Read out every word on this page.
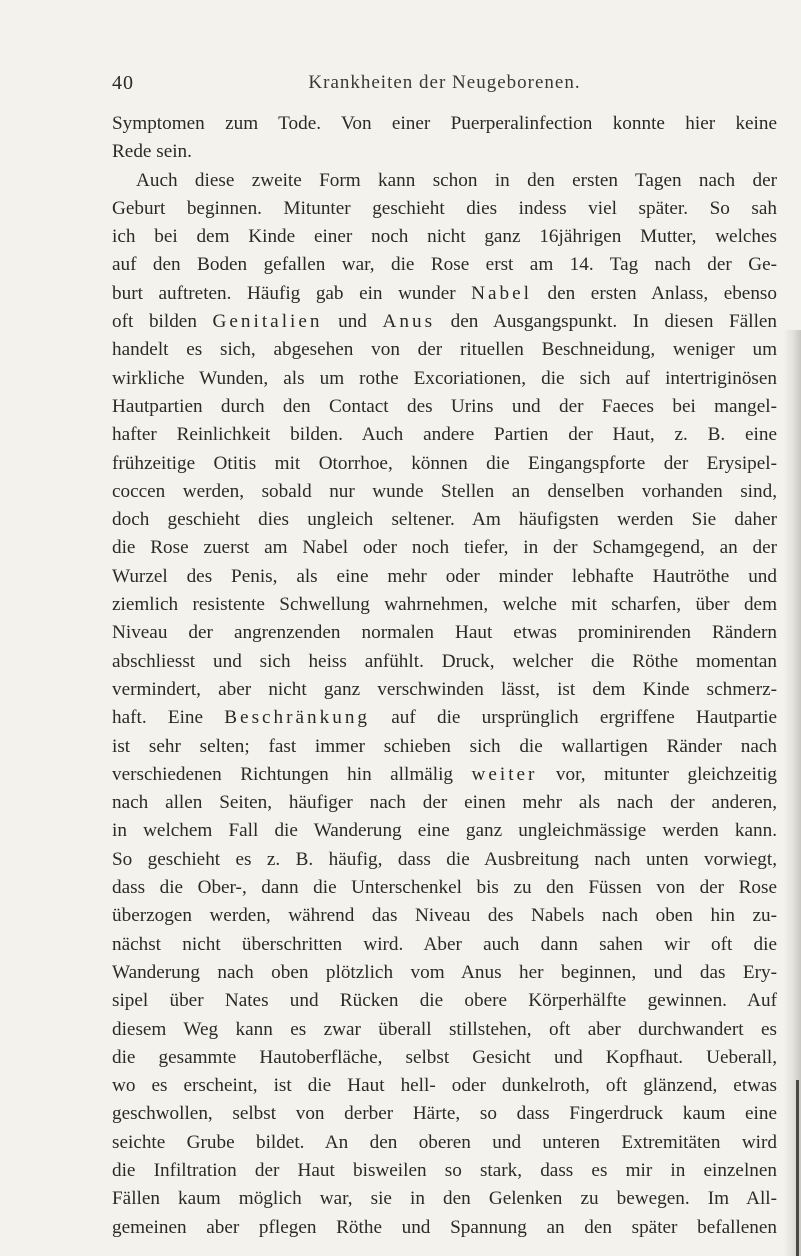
40	Krankheiten der Neugeborenen.
Symptomen zum Tode. Von einer Puerperalinfection konnte hier keine
Rede sein.
Auch diese zweite Form kann schon in den ersten Tagen nach der
Geburt beginnen. Mitunter geschieht dies indess viel später. So sah
ich bei dem Kinde einer noch nicht ganz 16jährigen Mutter, welches
auf den Boden gefallen war, die Rose erst am 14. Tag nach der Ge-
burt auftreten. Häufig gab ein wunder Nabel den ersten Anlass, ebenso
oft bilden Genitalien und Anus den Ausgangspunkt. In diesen Fällen
handelt es sich, abgesehen von der rituellen Beschneidung, weniger um
wirkliche Wunden, als um rothe Excoriationen, die sich auf intertriginösen
Hautpartien durch den Contact des Urins und der Faeces bei mangel-
hafter Reinlichkeit bilden. Auch andere Partien der Haut, z. B. eine
frühzeitige Otitis mit Otorrhoe, können die Eingangspforte der Erysipel-
coccen werden, sobald nur wunde Stellen an denselben vorhanden sind,
doch geschieht dies ungleich seltener. Am häufigsten werden Sie daher
die Rose zuerst am Nabel oder noch tiefer, in der Schamgegend, an der
Wurzel des Penis, als eine mehr oder minder lebhafte Hautröthe und
ziemlich resistente Schwellung wahrnehmen, welche mit scharfen, über dem
Niveau der angrenzenden normalen Haut etwas prominirenden Rändern
abschliesst und sich heiss anfühlt. Druck, welcher die Röthe momentan
vermindert, aber nicht ganz verschwinden lässt, ist dem Kinde schmerz-
haft. Eine Beschränkung auf die ursprünglich ergriffene Hautpartie
ist sehr selten; fast immer schieben sich die wallartigen Ränder nach
verschiedenen Richtungen hin allmälig weiter vor, mitunter gleichzeitig
nach allen Seiten, häufiger nach der einen mehr als nach der anderen,
in welchem Fall die Wanderung eine ganz ungleichmässige werden kann.
So geschieht es z. B. häufig, dass die Ausbreitung nach unten vorwiegt,
dass die Ober-, dann die Unterschenkel bis zu den Füssen von der Rose
überzogen werden, während das Niveau des Nabels nach oben hin zu-
nächst nicht überschritten wird. Aber auch dann sahen wir oft die
Wanderung nach oben plötzlich vom Anus her beginnen, und das Ery-
sipel über Nates und Rücken die obere Körperhälfte gewinnen. Auf
diesem Weg kann es zwar überall stillstehen, oft aber durchwandert es
die gesammte Hautoberfläche, selbst Gesicht und Kopfhaut. Ueberall,
wo es erscheint, ist die Haut hell- oder dunkelroth, oft glänzend, etwas
geschwollen, selbst von derber Härte, so dass Fingerdruck kaum eine
seichte Grube bildet. An den oberen und unteren Extremitäten wird
die Infiltration der Haut bisweilen so stark, dass es mir in einzelnen
Fällen kaum möglich war, sie in den Gelenken zu bewegen. Im All-
gemeinen aber pflegen Röthe und Spannung an den später befallenen
